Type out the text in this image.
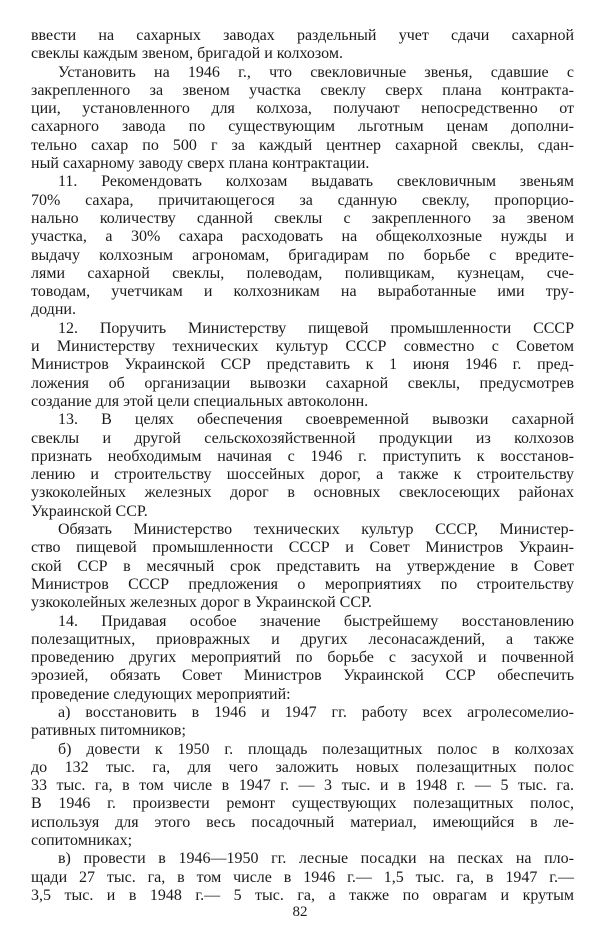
ввести на сахарных заводах раздельный учет сдачи сахарной
свеклы каждым звеном, бригадой и колхозом.
Установить на 1946 г., что свекловичные звенья, сдавшие с
закрепленного за звеном участка свеклу сверх плана контракта-
ции, установленного для колхоза, получают непосредственно от
сахарного завода по существующим льготным ценам дополни-
тельно сахар по 500 г за каждый центнер сахарной свеклы, сдан-
ный сахарному заводу сверх плана контрактации.
11. Рекомендовать колхозам выдавать свекловичным звеньям
70% сахара, причитающегося за сданную свеклу, пропорцио-
нально количеству сданной свеклы с закрепленного за звеном
участка, а 30% сахара расходовать на общеколхозные нужды и
выдачу колхозным агрономам, бригадирам по борьбе с вредите-
лями сахарной свеклы, полеводам, поливщикам, кузнецам, сче-
товодам, учетчикам и колхозникам на выработанные ими тру-
додни.
12. Поручить Министерству пищевой промышленности СССР
и Министерству технических культур СССР совместно с Советом
Министров Украинской ССР представить к 1 июня 1946 г. пред-
ложения об организации вывозки сахарной свеклы, предусмотрев
создание для этой цели специальных автоколонн.
13. В целях обеспечения своевременной вывозки сахарной
свеклы и другой сельскохозяйственной продукции из колхозов
признать необходимым начиная с 1946 г. приступить к восстанов-
лению и строительству шоссейных дорог, а также к строительству
узкоколейных железных дорог в основных свеклосеющих районах
Украинской ССР.
Обязать Министерство технических культур СССР, Министер-
ство пищевой промышленности СССР и Совет Министров Украин-
ской ССР в месячный срок представить на утверждение в Совет
Министров СССР предложения о мероприятиях по строительству
узкоколейных железных дорог в Украинской ССР.
14. Придавая особое значение быстрейшему восстановлению
полезащитных, приовражных и других лесонасаждений, а также
проведению других мероприятий по борьбе с засухой и почвенной
эрозией, обязать Совет Министров Украинской ССР обеспечить
проведение следующих мероприятий:
а) восстановить в 1946 и 1947 гг. работу всех агролесомелио-
ративных питомников;
б) довести к 1950 г. площадь полезащитных полос в колхозах
до 132 тыс. га, для чего заложить новых полезащитных полос
33 тыс. га, в том числе в 1947 г. — 3 тыс. и в 1948 г. — 5 тыс. га.
В 1946 г. произвести ремонт существующих полезащитных полос,
используя для этого весь посадочный материал, имеющийся в ле-
сопитомниках;
в) провести в 1946—1950 гг. лесные посадки на песках на пло-
щади 27 тыс. га, в том числе в 1946 г.— 1,5 тыс. га, в 1947 г.—
3,5 тыс. и в 1948 г.— 5 тыс. га, а также по оврагам и крутым
82
